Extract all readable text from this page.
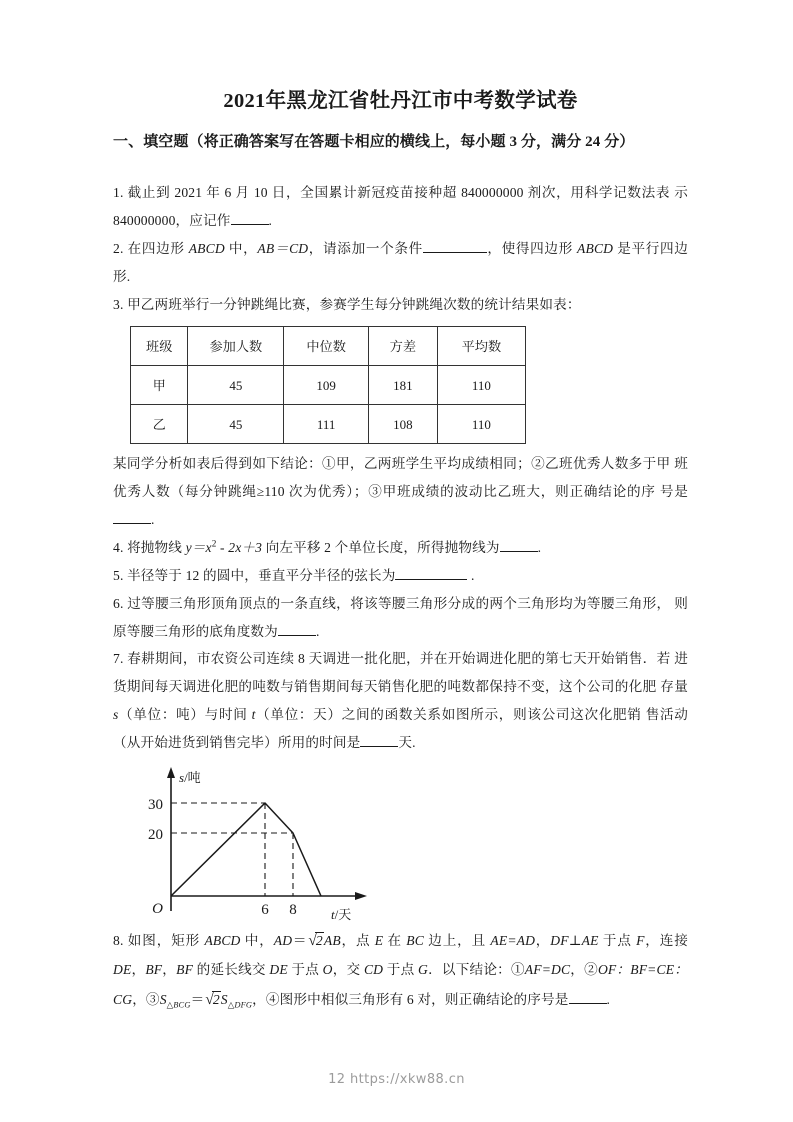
2021年黑龙江省牡丹江市中考数学试卷
一、填空题（将正确答案写在答题卡相应的横线上，每小题 3 分，满分 24 分）

1. 截止到 2021 年 6 月 10 日，全国累计新冠疫苗接种超 840000000 剂次，用科学记数法表 示 840000000，应记作	.

2. 在四边形 ABCD 中，AB＝CD，请添加一个条件	，使得四边形 ABCD 是平行四边形.

3. 甲乙两班举行一分钟跳绳比赛，参赛学生每分钟跳绳次数的统计结果如表：

班级	参加人数	中位数	方差	平均数
甲	45	109	181	110
乙	45	111	108	110

某同学分析如表后得到如下结论：①甲，乙两班学生平均成绩相同；②乙班优秀人数多于甲 班优秀人数（每分钟跳绳≥110 次为优秀）；③甲班成绩的波动比乙班大，则正确结论的序 号是.

4. 将抛物线 $y=x^2 - 2x+3$ 向左平移 2 个单位长度，所得抛物线为	.

5. 半径等于 12 的圆中，垂直平分半径的弦长为	.

6. 过等腰三角形顶角顶点的一条直线，将该等腰三角形分成的两个三角形均为等腰三角形， 则原等腰三角形的底角度数为	.

7. 春耕期间，市农资公司连续 8 天调进一批化肥，并在开始调进化肥的第七天开始销售．若 进货期间每天调进化肥的吨数与销售期间每天销售化肥的吨数都保持不变，这个公司的化肥 存量 s（单位：吨）与时间 t（单位：天）之间的函数关系如图所示，则该公司这次化肥销 售活动（从开始进货到销售完毕）所用的时间是	天.

30
20
6 8
O
s/吨
t/天

8. 如图，矩形 ABCD 中，AD＝√2AB，点 E 在 BC 边上，且 AE=AD，DF⊥AE 于点 F，连接 DE，BF，BF 的延长线交 DE 于点 O，交 CD 于点 G．以下结论：①AF=DC，②OF：BF=CE：CG，$③S_{\triangle BCG}=√2S_{\triangle DFG}$，④图形中相似三角形有 6 对，则正确结论的序号是	.

12 https://xkw88.cn
